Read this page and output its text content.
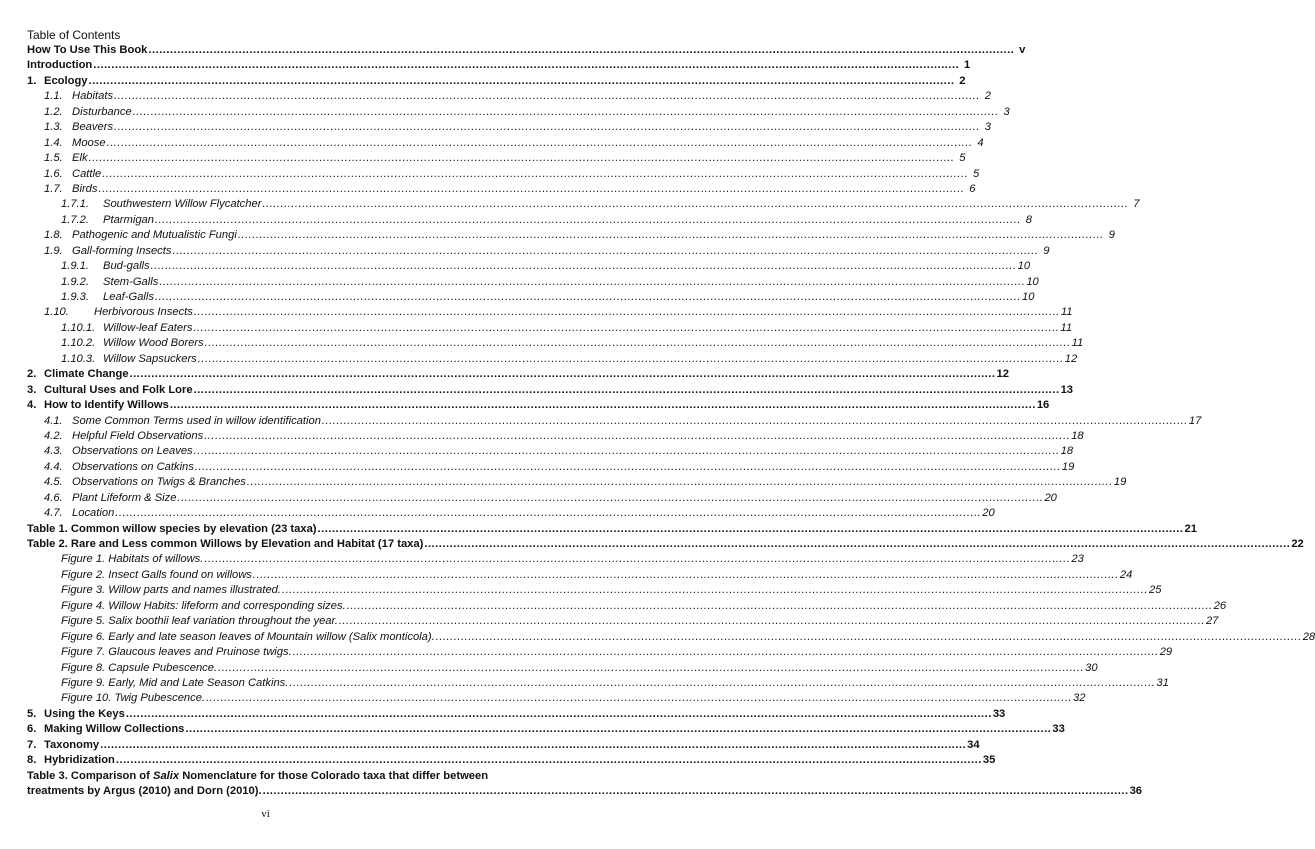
Table of Contents
How To Use This Book .....	v
Introduction .....	1
1. Ecology .....	2
1.1. Habitats .....	2
1.2. Disturbance .....	3
1.3. Beavers .....	3
1.4. Moose .....	4
1.5. Elk .....	5
1.6. Cattle .....	5
1.7. Birds .....	6
1.7.1.	Southwestern Willow Flycatcher .....	7
1.7.2.	Ptarmigan .....	8
1.8. Pathogenic and Mutualistic Fungi .....	9
1.9. Gall-forming Insects .....	9
1.9.1.	Bud-galls .....	10
1.9.2.	Stem-Galls .....	10
1.9.3.	Leaf-Galls .....	10
1.10.	Herbivorous Insects .....	11
1.10.1. Willow-leaf Eaters .....	11
1.10.2. Willow Wood Borers .....	11
1.10.3. Willow Sapsuckers .....	12
2. Climate Change .....	12
3. Cultural Uses and Folk Lore .....	13
4. How to Identify Willows .....	16
4.1. Some Common Terms used in willow identification .....	17
4.2. Helpful Field Observations .....	18
4.3. Observations on Leaves .....	18
4.4. Observations on Catkins .....	19
4.5. Observations on Twigs & Branches .....	19
4.6. Plant Lifeform & Size .....	20
4.7. Location .....	20
Table 1. Common willow species by elevation (23 taxa) .....	21
Table 2. Rare and Less common Willows by Elevation and Habitat (17 taxa) .....	22
Figure 1. Habitats of willows. .....	23
Figure 2. Insect Galls found on willows .....	24
Figure 3. Willow parts and names illustrated. .....	25
Figure 4. Willow Habits: lifeform and corresponding sizes. .....	26
Figure 5. Salix boothii leaf variation throughout the year. .....	27
Figure 6. Early and late season leaves of Mountain willow (Salix monticola). .....	28
Figure 7. Glaucous leaves and Pruinose twigs. .....	29
Figure 8. Capsule Pubescence. .....	30
Figure 9. Early, Mid and Late Season Catkins. .....	31
Figure 10. Twig Pubescence. .....	32
5. Using the Keys .....	33
6. Making Willow Collections .....	33
7. Taxonomy .....	34
8. Hybridization .....	35
Table 3. Comparison of Salix Nomenclature for those Colorado taxa that differ between
treatments by Argus (2010) and Dorn (2010). .....	36
vi
